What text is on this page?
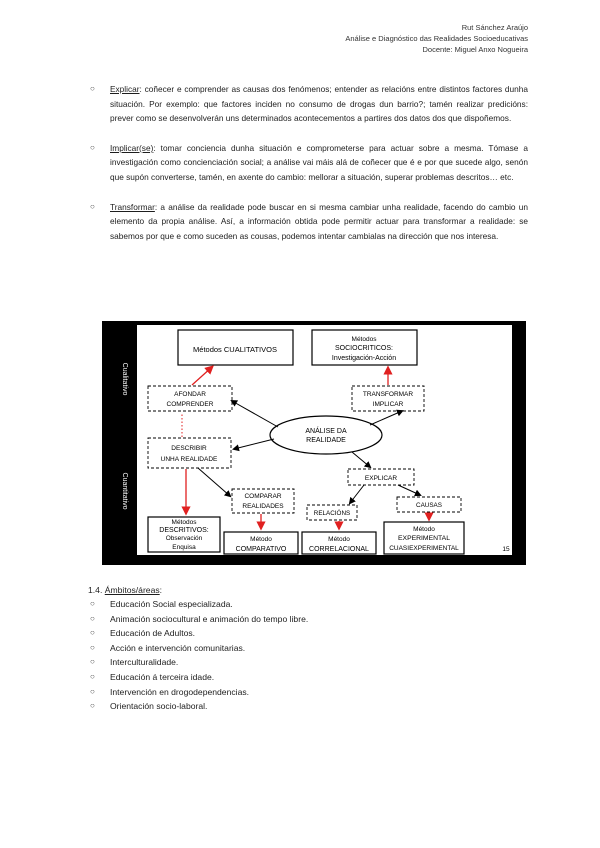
Rut Sánchez Araújo
Análise e Diagnóstico das Realidades Socioeducativas
Docente: Miguel Anxo Nogueira
○ Explicar: coñecer e comprender as causas dos fenómenos; entender as relacións entre distintos factores dunha situación. Por exemplo: que factores inciden no consumo de drogas dun barrio?; tamén realizar predicións: prever como se desenvolverán uns determinados acontecementos a partires dos datos dos que dispoñemos.
○ Implicar(se): tomar conciencia dunha situación e comprometerse para actuar sobre a mesma. Tómase a investigación como concienciación social; a análise vai máis alá de coñecer que é e por que sucede algo, senón que supón converterse, tamén, en axente do cambio: mellorar a situación, superar problemas descritos… etc.
○ Transformar: a análise da realidade pode buscar en si mesma cambiar unha realidade, facendo do cambio un elemento da propia análise. Así, a información obtida pode permitir actuar para transformar a realidade: se sabemos por que e como suceden as cousas, podemos intentar cambialas na dirección que nos interesa.
Cualitativo
Cuantitativo
Métodos CUALITATIVOS
Métodos
SOCIOCRITICOS:
Investigación-Acción
AFONDAR
COMPRENDER
TRANSFORMAR
IMPLICAR
DESCRIBIR
UNHA REALIDADE
EXPLICAR
COMPARAR
REALIDADES
RELACIÓNS
CAUSAS
ANÁLISE DA
REALIDADE
Métodos
DESCRITIVOS:
Observación
Enquisa
Método
COMPARATIVO
Método
CORRELACIONAL
Método
EXPERIMENTAL
CUASIEXPERIMENTAL	15
1.4. Ámbitos/áreas:
○ Educación Social especializada.
○ Animación sociocultural e animación do tempo libre.
○ Educación de Adultos.
○ Acción e intervención comunitarias.
○ Interculturalidade.
○ Educación á terceira idade.
○ Intervención en drogodependencias.
○ Orientación socio-laboral.
